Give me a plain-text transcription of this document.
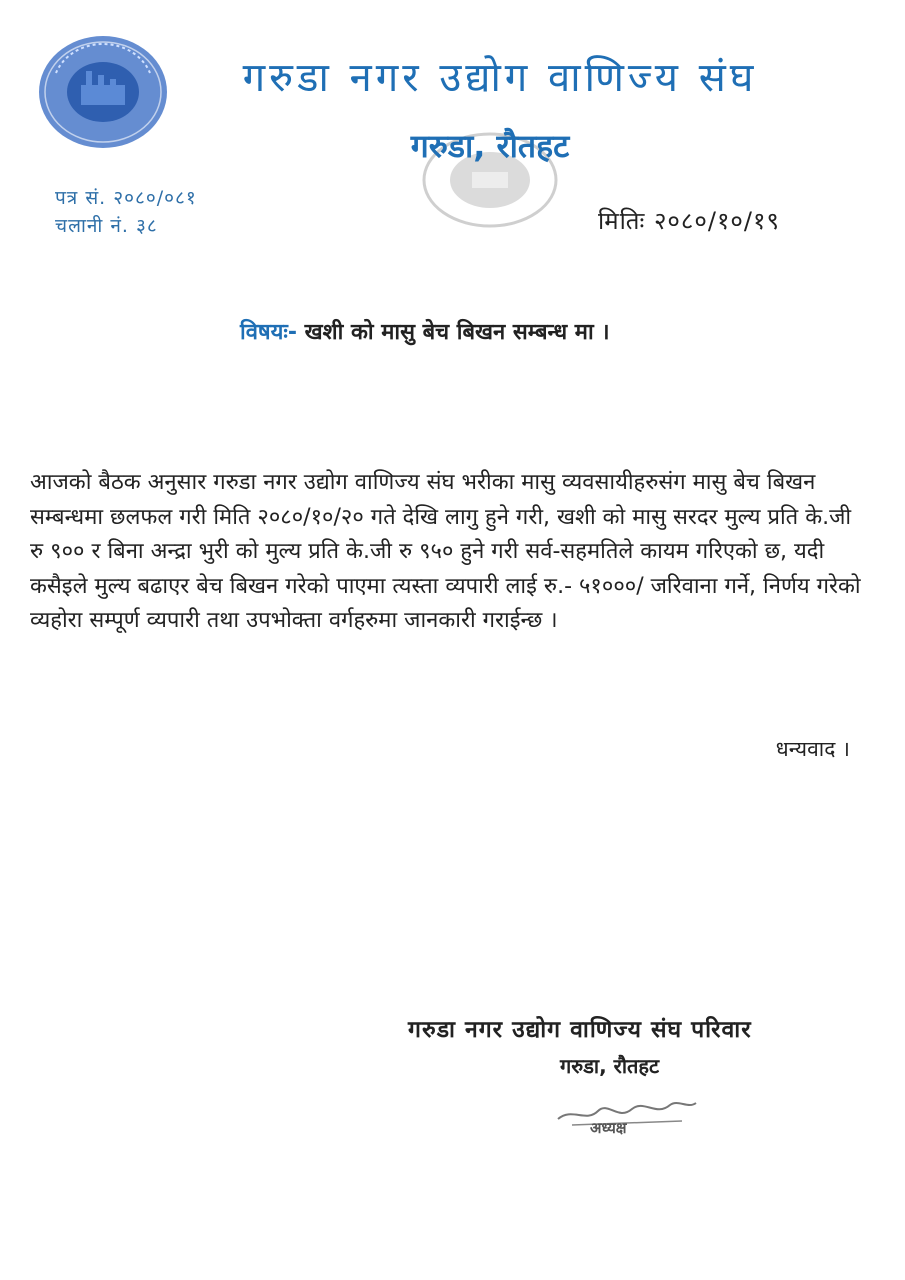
गरुडा नगर उद्योग वाणिज्य संघ
गरुडा, रौतहट
पत्र सं. २०८०/०८१
चलानी नं. ३८	मितिः २०८०/१०/१९
विषयः- खशी को मासु बेच बिखन सम्बन्ध मा ।

आजको बैठक अनुसार गरुडा नगर उद्योग वाणिज्य संघ भरीका मासु व्यवसायीहरुसंग मासु बेच बिखन सम्बन्धमा छलफल गरी मिति २०८०/१०/२० गते देखि लागु हुने गरी, खशी को मासु सरदर मुल्य प्रति के.जी रु ९०० र बिना अन्द्रा भुरी को मुल्य प्रति के.जी रु ९५० हुने गरी सर्व-सहमतिले कायम गरिएको छ, यदी कसैइले मुल्य बढाएर बेच बिखन गरेको पाएमा त्यस्ता व्यपारी लाई रु.- ५१०००/ जरिवाना गर्ने, निर्णय गरेको व्यहोरा सम्पूर्ण व्यपारी तथा उपभोक्ता वर्गहरुमा जानकारी गराईन्छ ।

धन्यवाद ।
गरुडा नगर उद्योग वाणिज्य संघ परिवार
गरुडा, रौतहट
अध्यक्ष
